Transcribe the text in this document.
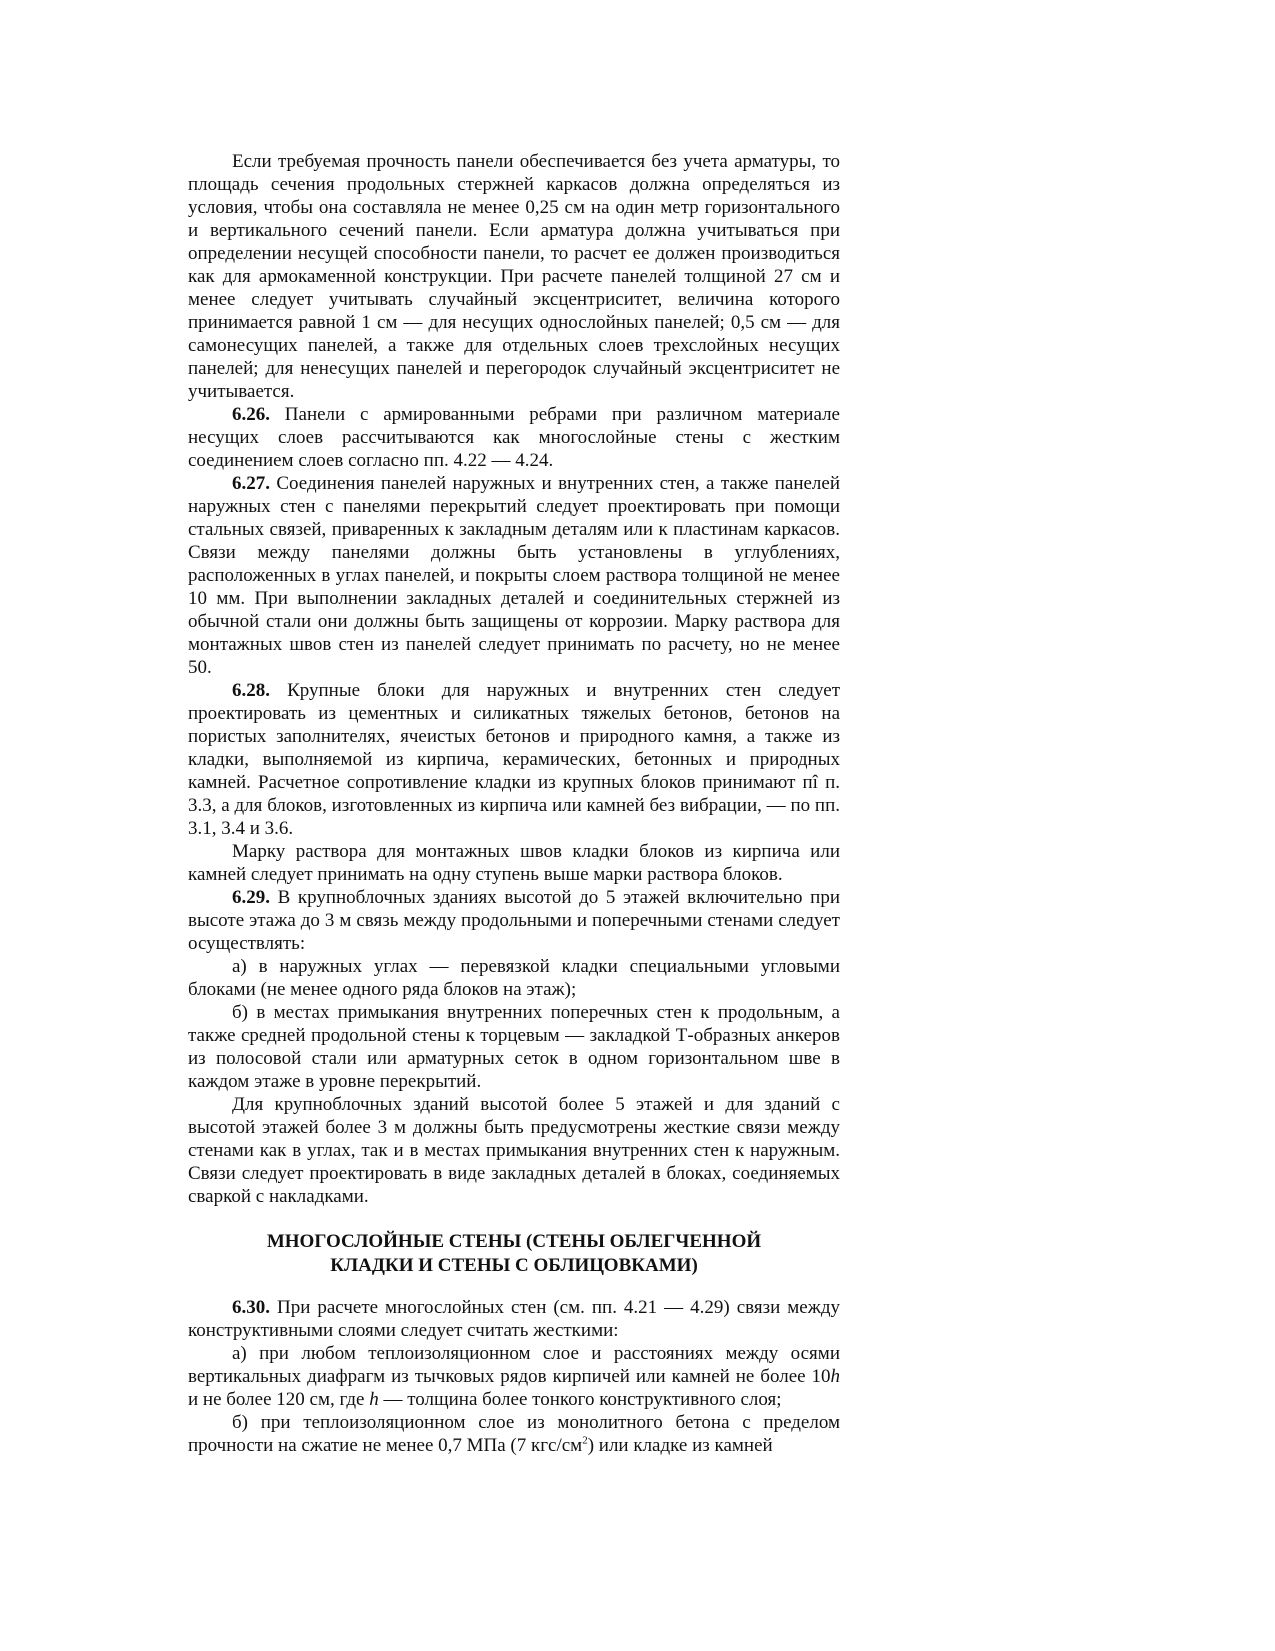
Если требуемая прочность панели обеспечивается без учета арматуры, то площадь сечения продольных стержней каркасов должна определяться из условия, чтобы она составляла не менее 0,25 см на один метр горизонтального и вертикального сечений панели. Если арматура должна учитываться при определении несущей способности панели, то расчет ее должен производиться как для армокаменной конструкции. При расчете панелей толщиной 27 см и менее следует учитывать случайный эксцентриситет, величина которого принимается равной 1 см — для несущих однослойных панелей; 0,5 см — для самонесущих панелей, а также для отдельных слоев трехслойных несущих панелей; для ненесущих панелей и перегородок случайный эксцентриситет не учитывается.

6.26. Панели с армированными ребрами при различном материале несущих слоев рассчитываются как многослойные стены с жестким соединением слоев согласно пп. 4.22 — 4.24.

6.27. Соединения панелей наружных и внутренних стен, а также панелей наружных стен с панелями перекрытий следует проектировать при помощи стальных связей, приваренных к закладным деталям или к пластинам каркасов. Связи между панелями должны быть установлены в углублениях, расположенных в углах панелей, и покрыты слоем раствора толщиной не менее 10 мм. При выполнении закладных деталей и соединительных стержней из обычной стали они должны быть защищены от коррозии. Марку раствора для монтажных швов стен из панелей следует принимать по расчету, но не менее 50.

6.28. Крупные блоки для наружных и внутренних стен следует проектировать из цементных и силикатных тяжелых бетонов, бетонов на пористых заполнителях, ячеистых бетонов и природного камня, а также из кладки, выполняемой из кирпича, керамических, бетонных и природных камней. Расчетное сопротивление кладки из крупных блоков принимают пî п. 3.3, а для блоков, изготовленных из кирпича или камней без вибрации, — по пп. 3.1, 3.4 и 3.6.

Марку раствора для монтажных швов кладки блоков из кирпича или камней следует принимать на одну ступень выше марки раствора блоков.

6.29. В крупноблочных зданиях высотой до 5 этажей включительно при высоте этажа до 3 м связь между продольными и поперечными стенами следует осуществлять:

а) в наружных углах — перевязкой кладки специальными угловыми блоками (не менее одного ряда блоков на этаж);

б) в местах примыкания внутренних поперечных стен к продольным, а также средней продольной стены к торцевым — закладкой Т-образных анкеров из полосовой стали или арматурных сеток в одном горизонтальном шве в каждом этаже в уровне перекрытий.

Для крупноблочных зданий высотой более 5 этажей и для зданий с высотой этажей более 3 м должны быть предусмотрены жесткие связи между стенами как в углах, так и в местах примыкания внутренних стен к наружным. Связи следует проектировать в виде закладных деталей в блоках, соединяемых сваркой с накладками.

МНОГОСЛОЙНЫЕ СТЕНЫ (СТЕНЫ ОБЛЕГЧЕННОЙ
КЛАДКИ И СТЕНЫ С ОБЛИЦОВКАМИ)

6.30. При расчете многослойных стен (см. пп. 4.21 — 4.29) связи между конструктивными слоями следует считать жесткими:

а) при любом теплоизоляционном слое и расстояниях между осями вертикальных диафрагм из тычковых рядов кирпичей или камней не более 10h и не более 120 см, где h — толщина более тонкого конструктивного слоя;

б) при теплоизоляционном слое из монолитного бетона с пределом прочности на сжатие не менее 0,7 МПа (7 кгс/$см^2$) или кладке из камней
